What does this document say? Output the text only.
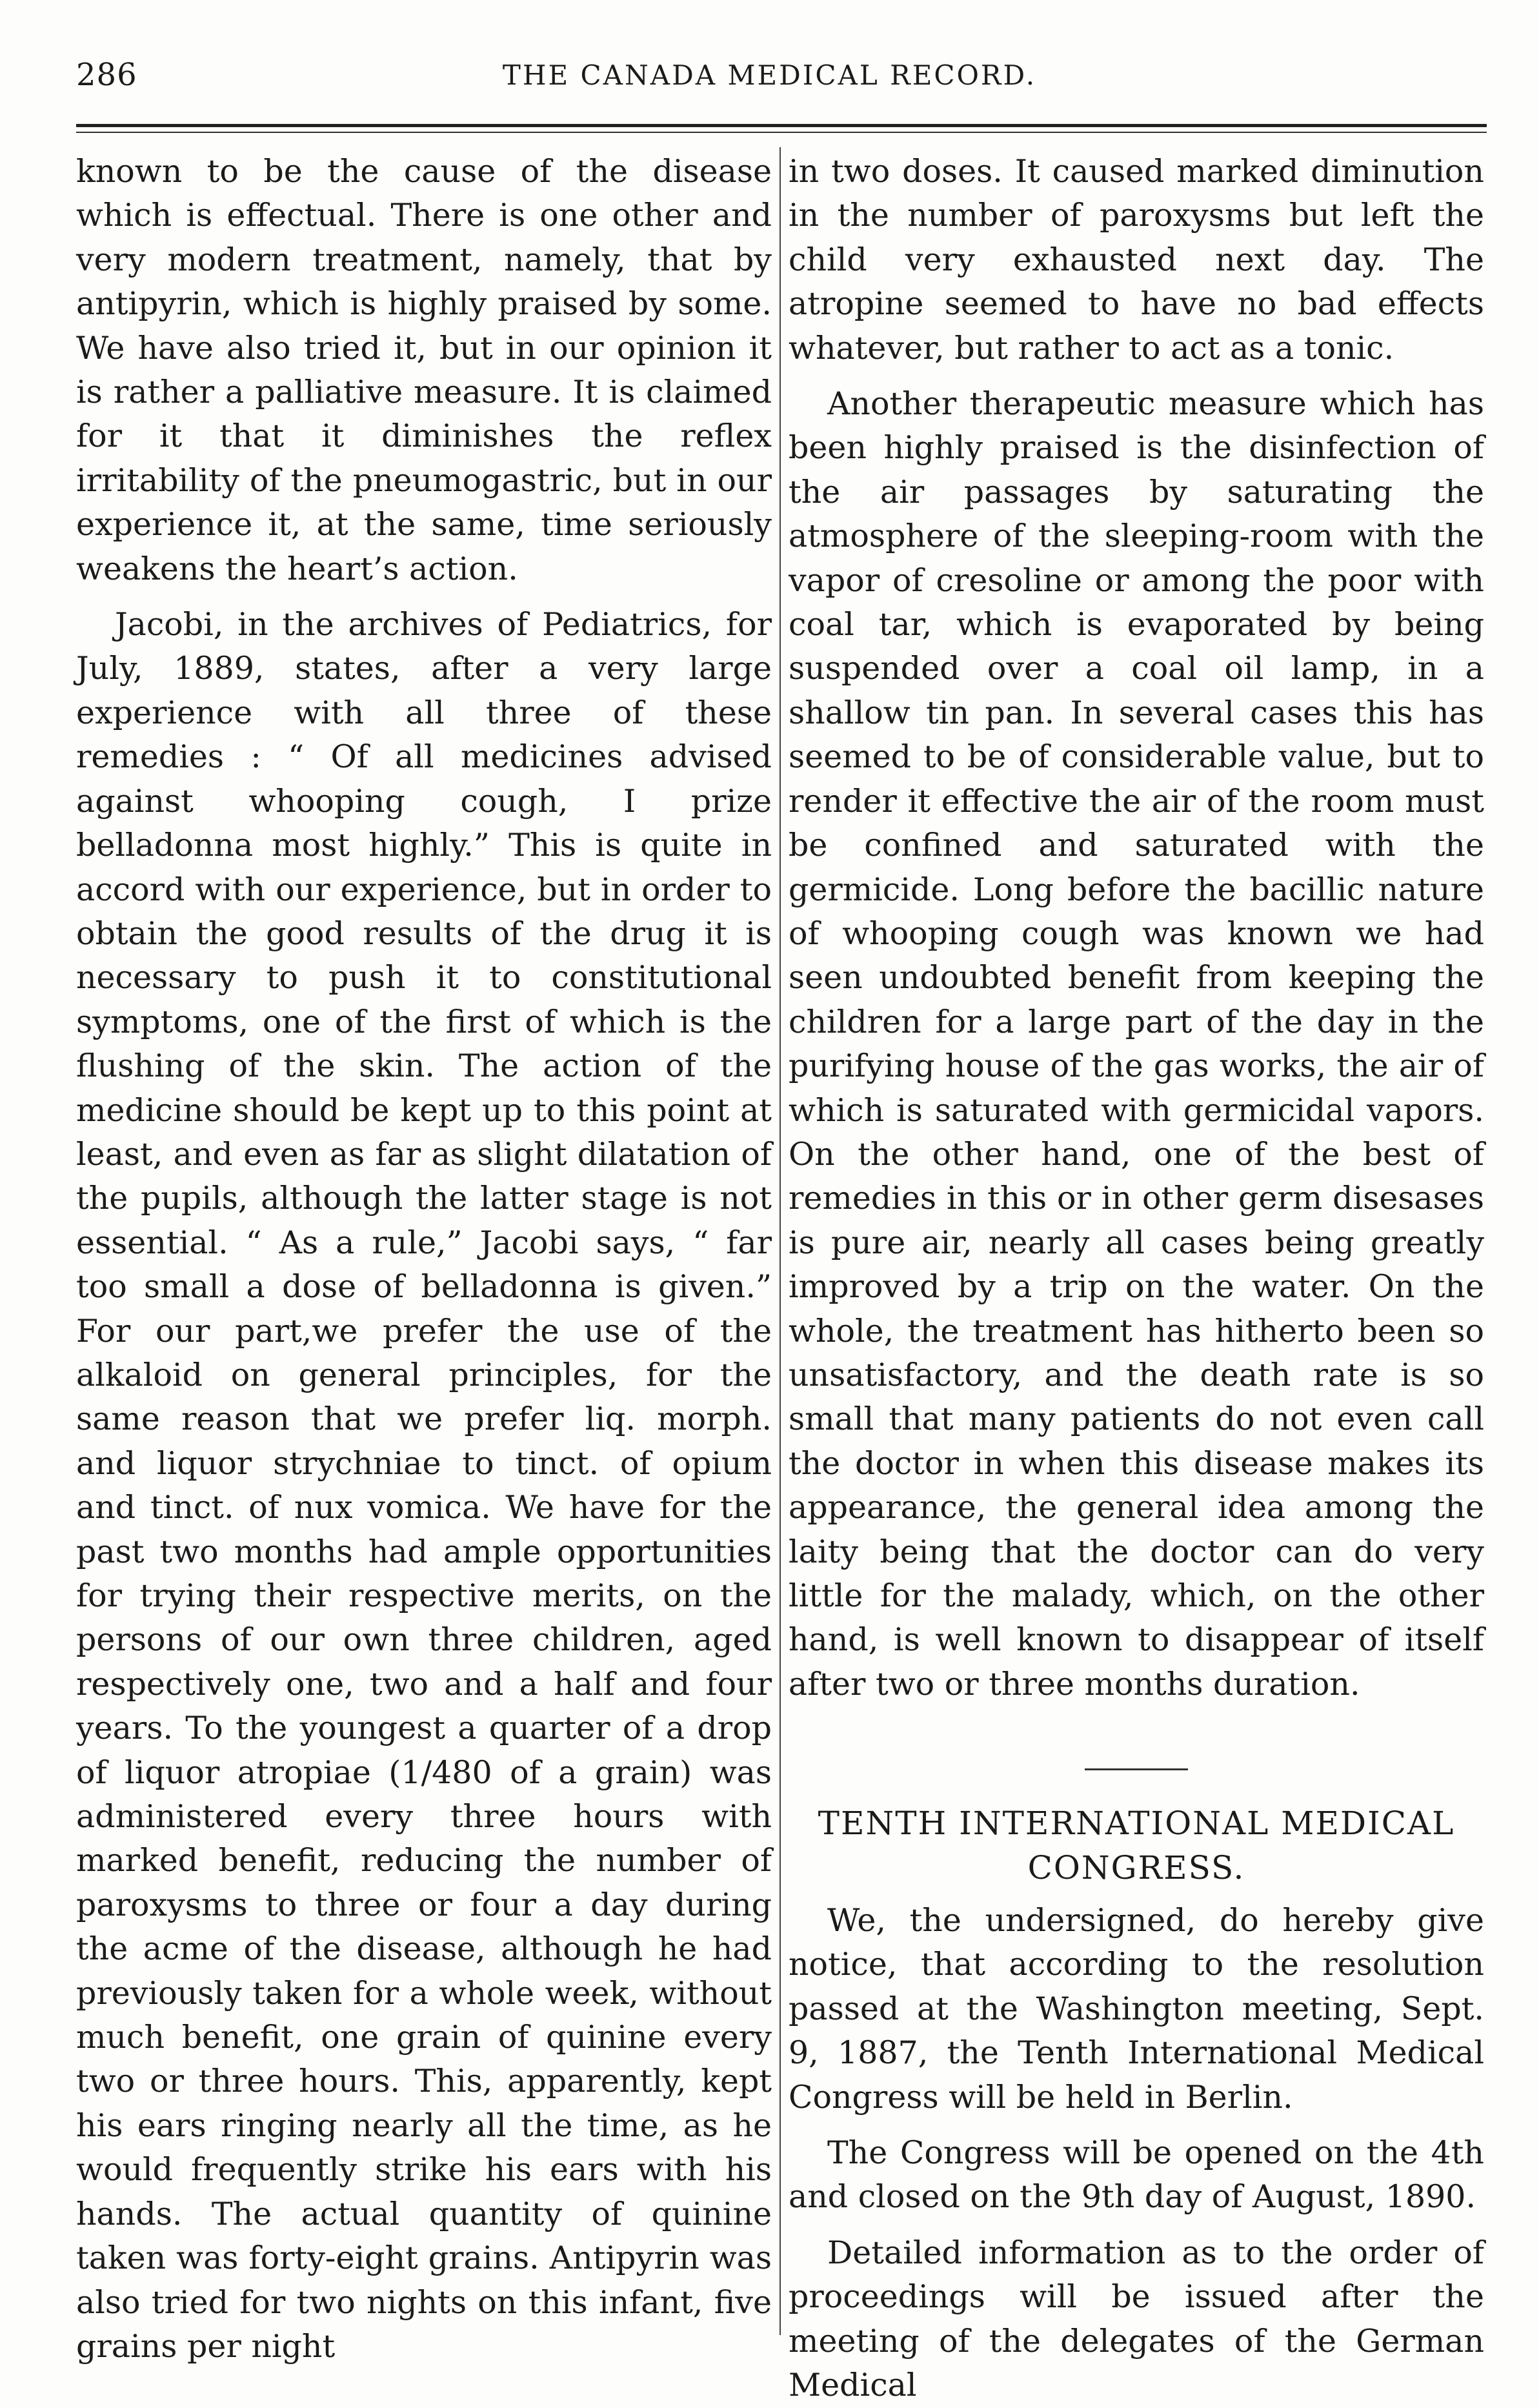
286	THE CANADA MEDICAL RECORD.

known to be the cause of the disease which is effectual. There is one other and very modern treatment, namely, that by antipyrin, which is highly praised by some. We have also tried it, but in our opinion it is rather a palliative measure. It is claimed for it that it diminishes the reflex irritability of the pneumogastric, but in our experience it, at the same, time seriously weakens the heart’s action.

Jacobi, in the archives of Pediatrics, for July, 1889, states, after a very large experience with all three of these remedies : “ Of all medicines advised against whooping cough, I prize belladonna most highly.” This is quite in accord with our experience, but in order to obtain the good results of the drug it is necessary to push it to constitutional symptoms, one of the first of which is the flushing of the skin. The action of the medicine should be kept up to this point at least, and even as far as slight dilatation of the pupils, although the latter stage is not essential. “ As a rule,” Jacobi says, “ far too small a dose of belladonna is given.” For our part,we prefer the use of the alkaloid on general principles, for the same reason that we prefer liq. morph. and liquor strychniae to tinct. of opium and tinct. of nux vomica. We have for the past two months had ample opportunities for trying their respective merits, on the persons of our own three children, aged respectively one, two and a half and four years. To the youngest a quarter of a drop of liquor atropiae (1/480 of a grain) was administered every three hours with marked benefit, reducing the number of paroxysms to three or four a day during the acme of the disease, although he had previously taken for a whole week, without much benefit, one grain of quinine every two or three hours. This, apparently, kept his ears ringing nearly all the time, as he would frequently strike his ears with his hands. The actual quantity of quinine taken was forty-eight grains. Antipyrin was also tried for two nights on this infant, five grains per night

in two doses. It caused marked diminution in the number of paroxysms but left the child very exhausted next day. The atropine seemed to have no bad effects whatever, but rather to act as a tonic.

Another therapeutic measure which has been highly praised is the disinfection of the air passages by saturating the atmosphere of the sleeping-room with the vapor of cresoline or among the poor with coal tar, which is evaporated by being suspended over a coal oil lamp, in a shallow tin pan. In several cases this has seemed to be of considerable value, but to render it effective the air of the room must be confined and saturated with the germicide. Long before the bacillic nature of whooping cough was known we had seen undoubted benefit from keeping the children for a large part of the day in the purifying house of the gas works, the air of which is saturated with germicidal vapors. On the other hand, one of the best of remedies in this or in other germ disesases is pure air, nearly all cases being greatly improved by a trip on the water. On the whole, the treatment has hitherto been so unsatisfactory, and the death rate is so small that many patients do not even call the doctor in when this disease makes its appearance, the general idea among the laity being that the doctor can do very little for the malady, which, on the other hand, is well known to disappear of itself after two or three months duration.

TENTH INTERNATIONAL MEDICAL
CONGRESS.

We, the undersigned, do hereby give notice, that according to the resolution passed at the Washington meeting, Sept. 9, 1887, the Tenth International Medical Congress will be held in Berlin.

The Congress will be opened on the 4th and closed on the 9th day of August, 1890.

Detailed information as to the order of proceedings will be issued after the meeting of the delegates of the German Medical
